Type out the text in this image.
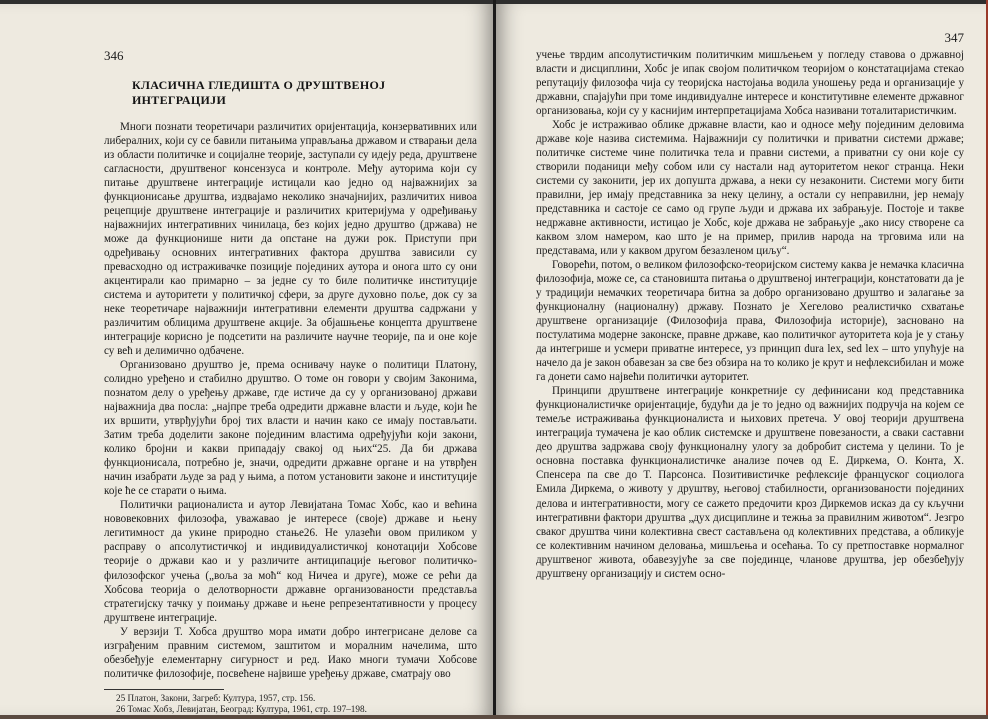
346
КЛАСИЧНА ГЛЕДИШТА О ДРУШТВЕНОЈ ИНТЕГРАЦИЈИ

Многи познати теоретичари различитих оријентација, конзервативних или либералних, који су се бавили питањима управљања државом и стварањи дела из области политичке и социјалне теорије, заступали су идеју реда, друштвене сагласности, друштвеног консензуса и контроле. Међу ауторима који су питање друштвене интеграције истицали као једно од најважнијих за функционисање друштва, издвајамо неколико значајнијих, различитих нивоа рецепције друштвене интеграције и различитих критеријума у одређивању најважнијих интегративних чинилаца, без којих једно друштво (држава) не може да функционише нити да опстане на дужи рок. Приступи при одређивању основних интегративних фактора друштва зависили су превасходно од истраживачке позиције појединих аутора и онога што су они акцентирали као примарно – за једне су то биле политичке институције система и ауторитети у политичкој сфери, за друге духовно поље, док су за неке теоретичаре најважнији интегративни елементи друштва садржани у различитим облицима друштвене акције. За објашњење концепта друштвене интеграције корисно је подсетити на различите научне теорије, па и оне које су већ и делимично одбачене.

Организовано друштво је, према оснивачу науке о политици Платону, солидно уређено и стабилно друштво. О томе он говори у својим Законима, познатом делу о уређењу државе, где истиче да су у организованој држави најважнија два посла: „најпре треба одредити државне власти и људе, који ће их вршити, утврђујући број тих власти и начин како се имају постављати. Затим треба доделити законе појединим властима одређујући који закони, колико бројни и какви припадају свакој од њих“25. Да би држава функционисала, потребно је, значи, одредити државне органе и на утврђен начин изабрати људе за рад у њима, а потом установити законе и институције које ће се старати о њима.

Политички рационалиста и аутор Левијатана Томас Хобс, као и већина нововековних филозофа, уважавао је интересе (своје) државе и њену легитимност да укине природно стање26. Не улазећи овом приликом у расправу о апсолутистичкој и индивидуалистичкој конотацији Хобсове теорије о држави као и у различите антиципације његовог политичко-филозофског учења („воља за моћ“ код Ничеа и друге), може се рећи да Хобсова теорија о делотворности државне организованости представља стратегијску тачку у поимању државе и њене репрезентативности у процесу друштвене интеграције.

У верзији Т. Хобса друштво мора имати добро интегрисане делове са изграђеним правним системом, заштитом и моралним начелима, што обезбеђује елементарну сигурност и ред. Иако многи тумачи Хобсове политичке филозофије, посвећене највише уређењу државе, сматрају ово

25 Платон, Закони, Загреб: Култура, 1957, стр. 156.
26 Томас Хобз, Левијатан, Београд: Култура, 1961, стр. 197–198.
347

учење тврдим апсолутистичким политичким мишљењем у погледу ставова о државној власти и дисциплини, Хобс је ипак својом политичком теоријом о констатацијама стекао репутацију филозофа чија су теоријска настојања водила уношењу реда и организације у државни, спајајући при томе индивидуалне интересе и конститутивне елементе државног организовања, који су у каснијим интерпретацијама Хобса називани тоталитаристичким.

Хобс је истраживао облике државне власти, као и односе међу појединим деловима државе које назива системима. Најважнији су политички и приватни системи државе; политичке системе чине политичка тела и правни системи, а приватни су они које су створили поданици међу собом или су настали над ауторитетом неког странца. Неки системи су законити, јер их допушта држава, а неки су незаконити. Системи могу бити правилни, јер имају представника за неку целину, а остали су неправилни, јер немају представника и састоје се само од групе људи и држава их забрањује. Постоје и такве недржавне активности, истицао је Хобс, које држава не забрањује „ако нису створене са каквом злом намером, као што је на пример, прилив народа на трговима или на представама, или у каквом другом безазленом циљу“.

Говорећи, потом, о великом филозофско-теоријском систему каква је немачка класична филозофија, може се, са становишта питања о друштвеној интеграцији, констатовати да је у традицији немачких теоретичара битна за добро организовано друштво и залагање за функционалну (националну) државу. Познато је Хегелово реалистичко схватање друштвене организације (Филозофија права, Филозофија историје), засновано на постулатима модерне законске, правне државе, као политичког ауторитета која је у стању да интегрише и усмери приватне интересе, уз принцип dura lex, sed lex – што упућује на начело да је закон обавезан за све без обзира на то колико је крут и нефлексибилан и може га донети само највећи политички ауторитет.

Принципи друштвене интеграције конкретније су дефинисани код представника функционалистичке оријентације, будући да је то једно од важнијих подручја на којем се темеље истраживања функционалиста и њихових претеча. У овој теорији друштвена интеграција тумачена је као облик системске и друштвене повезаности, а сваки саставни део друштва задржава своју функционалну улогу за добробит система у целини. То је основна поставка функционалистичке анализе почев од Е. Диркема, О. Конта, Х. Спенсера па све до Т. Парсонса. Позитивистичке рефлексије француског социолога Емила Диркема, о животу у друштву, његовој стабилности, организованости појединих делова и интегративности, могу се сажето предочити кроз Диркемов исказ да су кључни интегративни фактори друштва „дух дисциплине и тежња за правилним животом“. Језгро сваког друштва чини колективна свест састављена од колективних представа, а обликује се колективним начином деловања, мишљења и осећања. То су претпоставке нормалног друштвеног живота, обавезујуће за све појединце, чланове друштва, јер обезбеђују друштвену организацију и систем осно-
